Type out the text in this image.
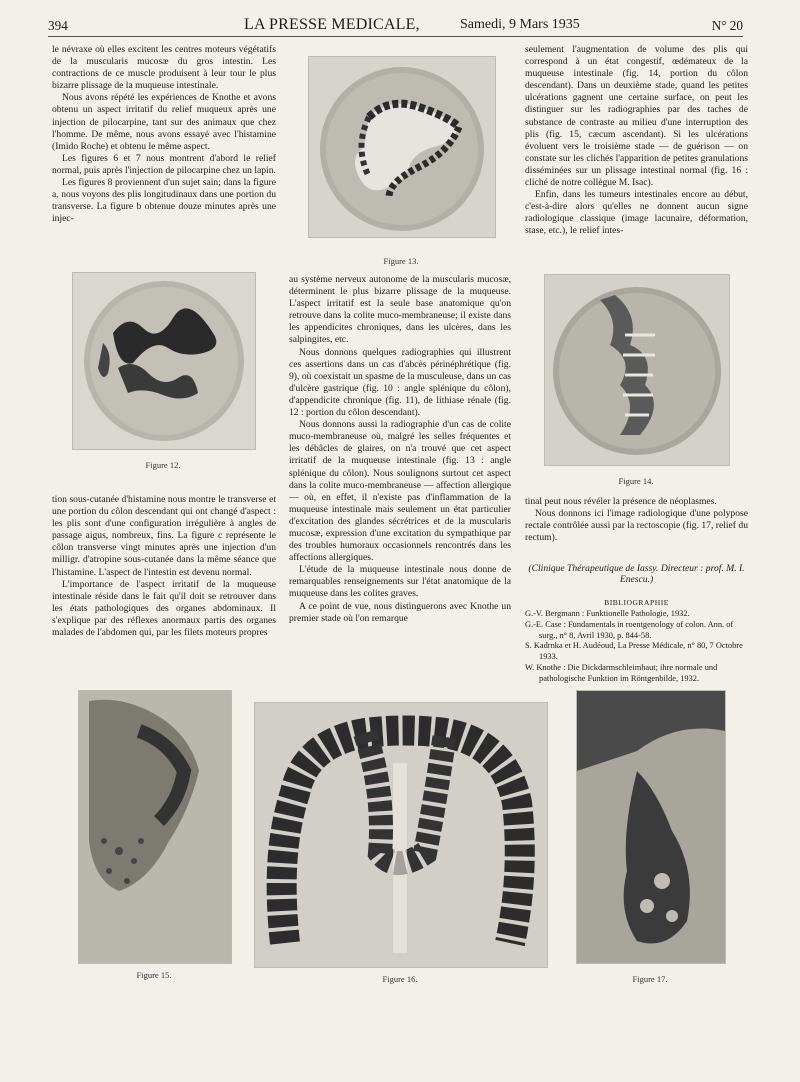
394	LA PRESSE MEDICALE,	Samedi, 9 Mars 1935	N° 20

le névraxe où elles excitent les centres moteurs végétatifs de la muscularis mucosæ du gros intestin. Les contractions de ce muscle produisent à leur tour le plus bizarre plissage de la muqueuse intestinale.

Nous avons répété les expériences de Knothe et avons obtenu un aspect irritatif du relief muqueux après une injection de pilocarpine, tant sur des animaux que chez l'homme. De même, nous avons essayé avec l'histamine (Imido Roche) et obtenu le même aspect.

Les figures 6 et 7 nous montrent d'abord le relief normal, puis après l'injection de pilocarpine chez un lapin.

Les figures 8 proviennent d'un sujet sain; dans la figure a, nous voyons des plis longitudinaux dans une portion du transverse. La figure b obtenue douze minutes après une injec-

Figure 12.

tion sous-cutanée d'histamine nous montre le transverse et une portion du côlon descendant qui ont changé d'aspect : les plis sont d'une configuration irrégulière à angles de passage aigus, nombreux, fins. La figure c représente le côlon transverse vingt minutes après une injection d'un milligr. d'atropine sous-cutanée dans la même séance que l'histamine. L'aspect de l'intestin est devenu normal.

L'importance de l'aspect irritatif de la muqueuse intestinale réside dans le fait qu'il doit se retrouver dans les états pathologiques des organes abdominaux. Il s'explique par des réflexes anormaux partis des organes malades de l'abdomen qui, par les filets moteurs propres

Figure 13.

au système nerveux autonome de la muscularis mucosæ, déterminent le plus bizarre plissage de la muqueuse. L'aspect irritatif est la seule base anatomique qu'on retrouve dans la colite muco-membraneuse; il existe dans les appendicites chroniques, dans les ulcères, dans les salpingites, etc.

Nous donnons quelques radiographies qui illustrent ces assertions dans un cas d'abcès périnéphrétique (fig. 9), où coexistait un spasme de la musculeuse, dans un cas d'ulcère gastrique (fig. 10 : angle splénique du côlon), d'appendicite chronique (fig. 11), de lithiase rénale (fig. 12 : portion du côlon descendant).

Nous donnons aussi la radiographie d'un cas de colite muco-membraneuse où, malgré les selles fréquentes et les débâcles de glaires, on n'a trouvé que cet aspect irritatif de la muqueuse intestinale (fig. 13 : angle splénique du côlon). Nous soulignons surtout cet aspect dans la colite muco-membraneuse — affection allergique — où, en effet, il n'existe pas d'inflammation de la muqueuse intestinale mais seulement un état particulier d'excitation des glandes sécrétrices et de la muscularis mucosæ, expression d'une excitation du sympathique par des troubles humoraux occasionnels rencontrés dans les affections allergiques.

L'étude de la muqueuse intestinale nous donne de remarquables renseignements sur l'état anatomique de la muqueuse dans les colites graves.

A ce point de vue, nous distinguerons avec Knothe un premier stade où l'on remarque

seulement l'augmentation de volume des plis qui correspond à un état congestif, œdémateux de la muqueuse intestinale (fig. 14, portion du côlon descendant). Dans un deuxième stade, quand les petites ulcérations gagnent une certaine surface, on peut les distinguer sur les radiographies par des taches de substance de contraste au milieu d'une interruption des plis (fig. 15, cæcum ascendant). Si les ulcérations évoluent vers le troisième stade — de guérison — on constate sur les clichés l'apparition de petites granulations disséminées sur un plissage intestinal normal (fig. 16 : cliché de notre collègue M. Isac).

Enfin, dans les tumeurs intestinales encore au début, c'est-à-dire alors qu'elles ne donnent aucun signe radiologique classique (image lacunaire, déformation, stase, etc.), le relief intes-

Figure 14.

tinal peut nous révéler la présence de néoplasmes.

Nous donnons ici l'image radiologique d'une polypose rectale contrôlée aussi par la rectoscopie (fig. 17, relief du rectum).

(Clinique Thérapeutique de Iassy. Directeur : prof. M. I. Enescu.)
BIBLIOGRAPHIE
G.-V. Bergmann : Funktionelle Pathologie, 1932.
G.-E. Case : Fundamentals in roentgenology of colon. Ann. of surg., n° 8, Avril 1930, p. 844-58.
S. Kadrnka et H. Audéoud, La Presse Médicale, n° 80, 7 Octobre 1933.
W. Knothe : Die Dickdarmschleimhaut; ihre normale und pathologische Funktion im Röntgenbilde, 1932.
Figure 15.	Figure 16.	Figure 17.
